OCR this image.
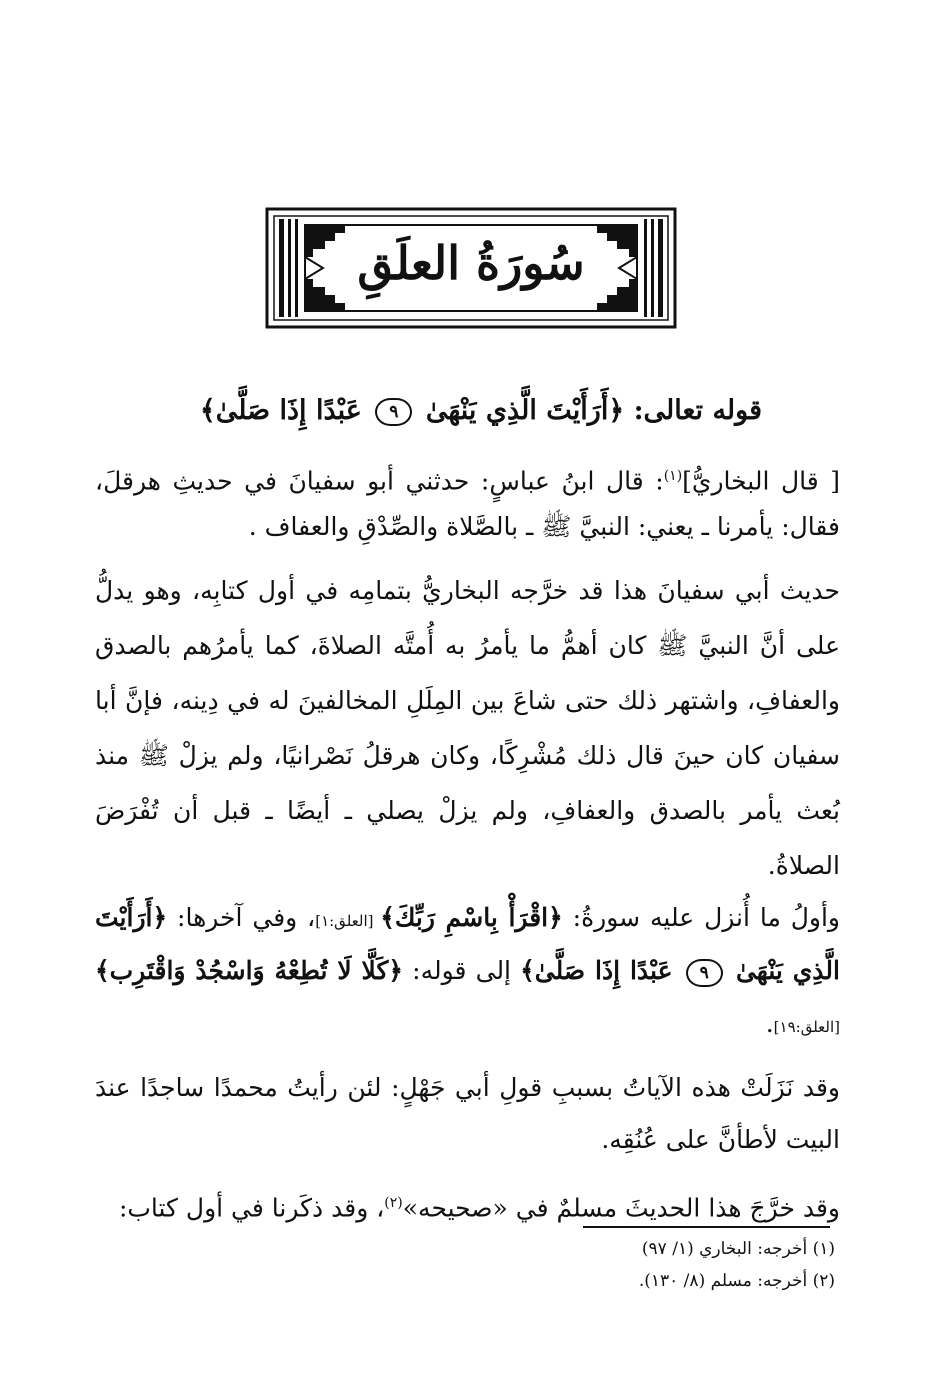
سُورَةُ العلَقِ
قوله تعالى: ﴿أَرَأَيْتَ الَّذِي يَنْهَىٰ ٩ عَبْدًا إِذَا صَلَّىٰ﴾
[ قال البخاريُّ]$^{(١)}$: قال ابنُ عباسٍ: حدثني أبو سفيانَ في حديثِ هرقلَ، فقال: يأمرنا ـ يعني: النبيَّ ﷺ ـ بالصَّلاة والصِّدْقِ والعفاف .
حديث أبي سفيانَ هذا قد خرَّجه البخاريُّ بتمامِه في أول كتابِه، وهو يدلُّ على أنَّ النبيَّ ﷺ كان أهمُّ ما يأمرُ به أُمتَّه الصلاةَ، كما يأمرُهم بالصدق والعفافِ، واشتهر ذلك حتى شاعَ بين المِلَلِ المخالفينَ له في دِينه، فإنَّ أبا سفيان كان حينَ قال ذلك مُشْرِكًا، وكان هرقلُ نَصْرانيًا، ولم يزلْ ﷺ منذ بُعث يأمر بالصدق والعفافِ، ولم يزلْ يصلي ـ أيضًا ـ قبل أن تُفْرَضَ الصلاةُ.
وأولُ ما أُنزل عليه سورةُ: ﴿اقْرَأْ بِاسْمِ رَبِّكَ﴾ [العلق:١]، وفي آخرها: ﴿أَرَأَيْتَ الَّذِي يَنْهَىٰ ٩ عَبْدًا إِذَا صَلَّىٰ﴾ إلى قوله: ﴿كَلَّا لَا تُطِعْهُ وَاسْجُدْ وَاقْتَرِب﴾ [العلق:١٩].
وقد نَزَلَتْ هذه الآياتُ بسببِ قولِ أبي جَهْلٍ: لئن رأيتُ محمدًا ساجدًا عندَ البيت لأطأنَّ على عُنُقِه.
وقد خرَّجَ هذا الحديثَ مسلمٌ في «صحيحه»$^{(٢)}$، وقد ذكَرنا في أول كتاب:
(١) أخرجه: البخاري (١/ ٩٧)
(٢) أخرجه: مسلم (٨/ ١٣٠).
